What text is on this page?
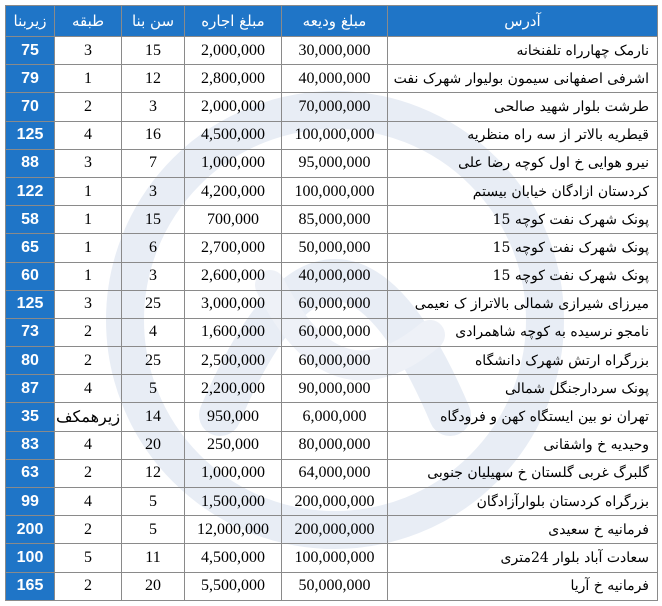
آدرس	مبلغ ودیعه	مبلغ اجاره	سن بنا	طبقه	زیربنا
نارمک چهارراه تلفنخانه	30,000,000	2,000,000	15	3	75
اشرفی اصفهانی سیمون بولیوار شهرک نفت	40,000,000	2,800,000	12	1	79
طرشت بلوار شهید صالحی	70,000,000	2,000,000	3	2	70
قیطریه بالاتر از سه راه منظریه	100,000,000	4,500,000	16	4	125
نیرو هوایی خ اول کوچه رضا علی	95,000,000	1,000,000	7	3	88
کردستان ازادگان خیابان بیستم	100,000,000	4,200,000	3	1	122
پونک شهرک نفت کوچه 15	85,000,000	700,000	15	1	58
پونک شهرک نفت کوچه 15	50,000,000	2,700,000	6	1	65
پونک شهرک نفت کوچه 15	40,000,000	2,600,000	3	1	60
میرزای شیرازی شمالی بالاتراز ک نعیمی	60,000,000	3,000,000	25	3	125
نامجو نرسیده به کوچه شاهمرادی	60,000,000	1,600,000	4	2	73
بزرگراه ارتش شهرک دانشگاه	60,000,000	2,500,000	25	2	80
پونک سردارجنگل شمالی	90,000,000	2,200,000	5	4	87
تهران نو بین ایستگاه کهن و فرودگاه	6,000,000	950,000	14	زیرهمکف	35
وحیدیه خ واشقانی	80,000,000	250,000	20	4	83
گلبرگ غربی گلستان خ سهیلیان جنوبی	64,000,000	1,000,000	12	2	63
بزرگراه کردستان بلوارآزادگان	200,000,000	1,500,000	5	4	99
فرمانیه خ سعیدی	200,000,000	12,000,000	5	2	200
سعادت آباد بلوار 24متری	100,000,000	4,500,000	11	5	100
فرمانیه خ آریا	50,000,000	5,500,000	20	2	165
